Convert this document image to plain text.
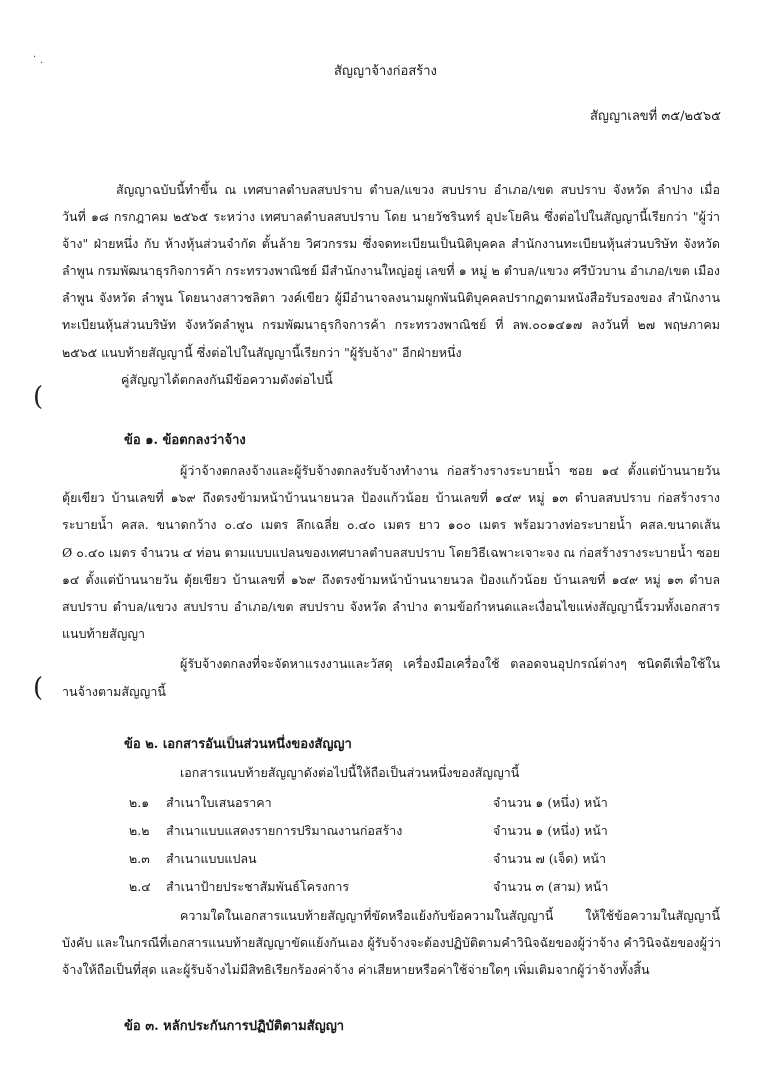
·
·
สัญญาจ้างก่อสร้าง
สัญญาเลขที่ ๓๕/๒๕๖๕
สัญญาฉบับนี้ทำขึ้น ณ เทศบาลตำบลสบปราบ ตำบล/แขวง สบปราบ อำเภอ/เขต สบปราบ จังหวัด ลำปาง เมื่อ
วันที่ ๑๘ กรกฎาคม ๒๕๖๕ ระหว่าง เทศบาลตำบลสบปราบ โดย นายวัชรินทร์ อุปะโยคิน ซึ่งต่อไปในสัญญานี้เรียกว่า "ผู้ว่า
จ้าง" ฝ่ายหนึ่ง กับ ห้างหุ้นส่วนจำกัด ตั้นล้าย วิศวกรรม ซึ่งจดทะเบียนเป็นนิติบุคคล สำนักงานทะเบียนหุ้นส่วนบริษัท จังหวัด
ลำพูน กรมพัฒนาธุรกิจการค้า กระทรวงพาณิชย์ มีสำนักงานใหญ่อยู่ เลขที่ ๑ หมู่ ๒ ตำบล/แขวง ศรีบัวบาน อำเภอ/เขต เมือง
ลำพูน จังหวัด ลำพูน โดยนางสาวชลิตา วงค์เขียว ผู้มีอำนาจลงนามผูกพันนิติบุคคลปรากฏตามหนังสือรับรองของ สำนักงาน
ทะเบียนหุ้นส่วนบริษัท จังหวัดลำพูน กรมพัฒนาธุรกิจการค้า กระทรวงพาณิชย์ ที่ ลพ.๐๐๑๔๑๗ ลงวันที่ ๒๗ พฤษภาคม
๒๕๖๕ แนบท้ายสัญญานี้ ซึ่งต่อไปในสัญญานี้เรียกว่า "ผู้รับจ้าง" อีกฝ่ายหนึ่ง
คู่สัญญาได้ตกลงกันมีข้อความดังต่อไปนี้
(
ข้อ ๑. ข้อตกลงว่าจ้าง
ผู้ว่าจ้างตกลงจ้างและผู้รับจ้างตกลงรับจ้างทำงาน ก่อสร้างรางระบายน้ำ ซอย ๑๔ ตั้งแต่บ้านนายวัน
ตุ้ยเขียว บ้านเลขที่ ๑๖๙ ถึงตรงข้ามหน้าบ้านนายนวล ป้องแก้วน้อย บ้านเลขที่ ๑๔๙ หมู่ ๑๓ ตำบลสบปราบ ก่อสร้างราง
ระบายน้ำ คสล. ขนาดกว้าง ๐.๔๐ เมตร ลึกเฉลี่ย ๐.๔๐ เมตร ยาว ๑๐๐ เมตร พร้อมวางท่อระบายน้ำ คสล.ขนาดเส้น
Ø ๐.๔๐ เมตร จำนวน ๔ ท่อน ตามแบบแปลนของเทศบาลตำบลสบปราบ โดยวิธีเฉพาะเจาะจง ณ ก่อสร้างรางระบายน้ำ ซอย
๑๔ ตั้งแต่บ้านนายวัน ตุ้ยเขียว บ้านเลขที่ ๑๖๙ ถึงตรงข้ามหน้าบ้านนายนวล ป้องแก้วน้อย บ้านเลขที่ ๑๔๙ หมู่ ๑๓ ตำบล
สบปราบ ตำบล/แขวง สบปราบ อำเภอ/เขต สบปราบ จังหวัด ลำปาง ตามข้อกำหนดและเงื่อนไขแห่งสัญญานี้รวมทั้งเอกสาร
แนบท้ายสัญญา
ผู้รับจ้างตกลงที่จะจัดหาแรงงานและวัสดุ เครื่องมือเครื่องใช้ ตลอดจนอุปกรณ์ต่างๆ ชนิดดีเพื่อใช้ใน
( านจ้างตามสัญญานี้
ข้อ ๒. เอกสารอันเป็นส่วนหนึ่งของสัญญา
เอกสารแนบท้ายสัญญาดังต่อไปนี้ให้ถือเป็นส่วนหนึ่งของสัญญานี้
๒.๑ สำเนาใบเสนอราคา	จำนวน ๑ (หนึ่ง) หน้า
๒.๒ สำเนาแบบแสดงรายการปริมาณงานก่อสร้าง	จำนวน ๑ (หนึ่ง) หน้า
๒.๓ สำเนาแบบแปลน	จำนวน ๗ (เจ็ด) หน้า
๒.๔ สำเนาป้ายประชาสัมพันธ์โครงการ	จำนวน ๓ (สาม) หน้า
ความใดในเอกสารแนบท้ายสัญญาที่ขัดหรือแย้งกับข้อความในสัญญานี้ ให้ใช้ข้อความในสัญญานี้
บังคับ และในกรณีที่เอกสารแนบท้ายสัญญาขัดแย้งกันเอง ผู้รับจ้างจะต้องปฏิบัติตามคำวินิจฉัยของผู้ว่าจ้าง คำวินิจฉัยของผู้ว่า
จ้างให้ถือเป็นที่สุด และผู้รับจ้างไม่มีสิทธิเรียกร้องค่าจ้าง ค่าเสียหายหรือค่าใช้จ่ายใดๆ เพิ่มเติมจากผู้ว่าจ้างทั้งสิ้น
ข้อ ๓. หลักประกันการปฏิบัติตามสัญญา
